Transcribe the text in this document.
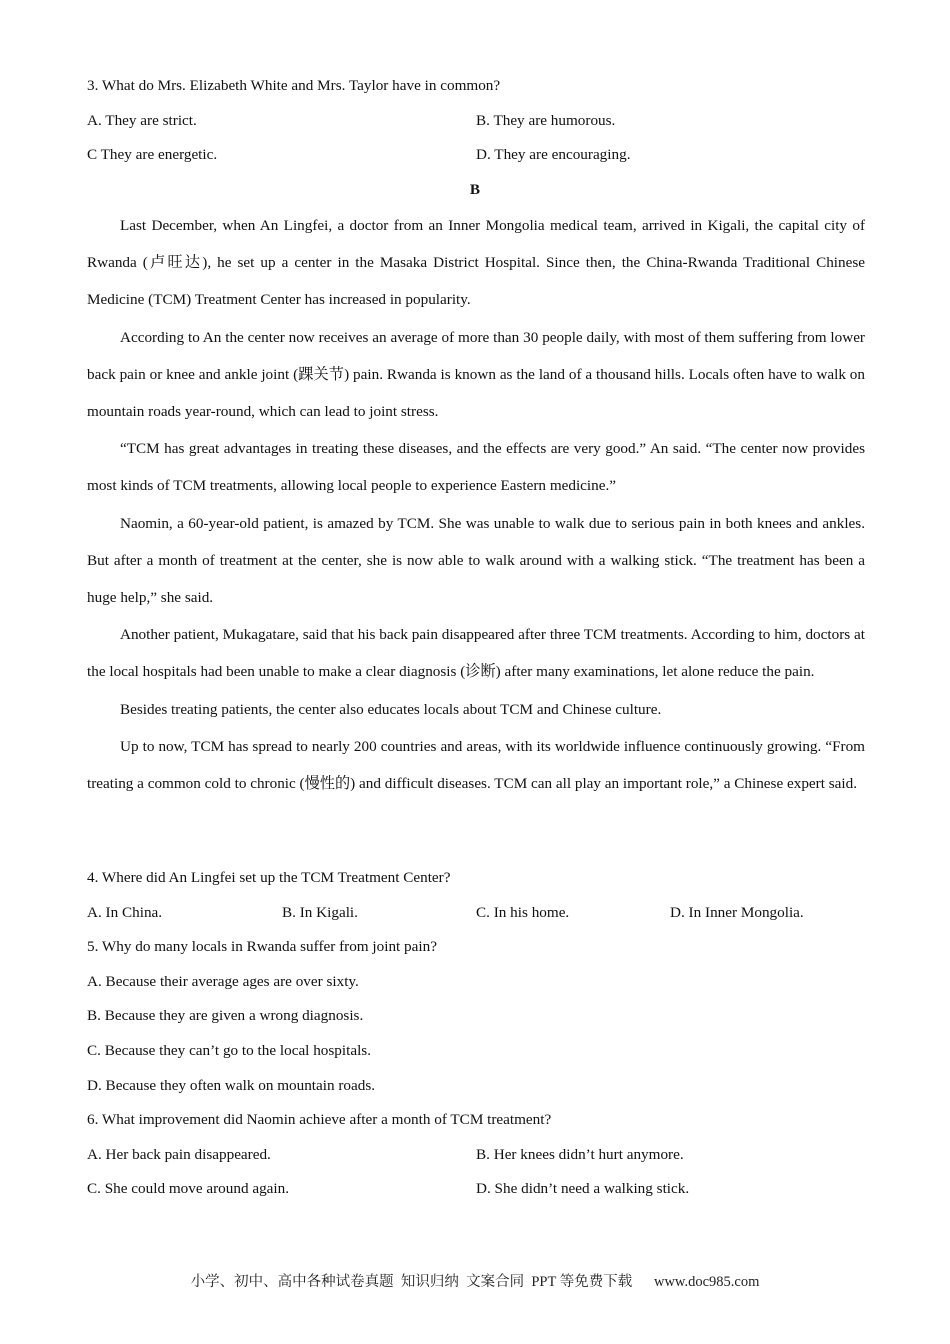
3. What do Mrs. Elizabeth White and Mrs. Taylor have in common?
A. They are strict.	B. They are humorous.
C They are energetic.	D. They are encouraging.
B

Last December, when An Lingfei, a doctor from an Inner Mongolia medical team, arrived in Kigali, the capital city of Rwanda (卢旺达), he set up a center in the Masaka District Hospital. Since then, the China-Rwanda Traditional Chinese Medicine (TCM) Treatment Center has increased in popularity.

According to An the center now receives an average of more than 30 people daily, with most of them suffering from lower back pain or knee and ankle joint (踝关节) pain. Rwanda is known as the land of a thousand hills. Locals often have to walk on mountain roads year-round, which can lead to joint stress.

“TCM has great advantages in treating these diseases, and the effects are very good.” An said. “The center now provides most kinds of TCM treatments, allowing local people to experience Eastern medicine.”

Naomin, a 60-year-old patient, is amazed by TCM. She was unable to walk due to serious pain in both knees and ankles. But after a month of treatment at the center, she is now able to walk around with a walking stick. “The treatment has been a huge help,” she said.

Another patient, Mukagatare, said that his back pain disappeared after three TCM treatments. According to him, doctors at the local hospitals had been unable to make a clear diagnosis (诊断) after many examinations, let alone reduce the pain.

Besides treating patients, the center also educates locals about TCM and Chinese culture.

Up to now, TCM has spread to nearly 200 countries and areas, with its worldwide influence continuously growing. “From treating a common cold to chronic (慢性的) and difficult diseases. TCM can all play an important role,” a Chinese expert said.

4. Where did An Lingfei set up the TCM Treatment Center?
A. In China.	B. In Kigali.	C. In his home.	D. In Inner Mongolia.
5. Why do many locals in Rwanda suffer from joint pain?
A. Because their average ages are over sixty.
B. Because they are given a wrong diagnosis.
C. Because they can’t go to the local hospitals.
D. Because they often walk on mountain roads.
6. What improvement did Naomin achieve after a month of TCM treatment?
A. Her back pain disappeared.	B. Her knees didn’t hurt anymore.
C. She could move around again.	D. She didn’t need a walking stick.
小学、初中、高中各种试卷真题  知识归纳  文案合同  PPT 等免费下载 www.doc985.com
